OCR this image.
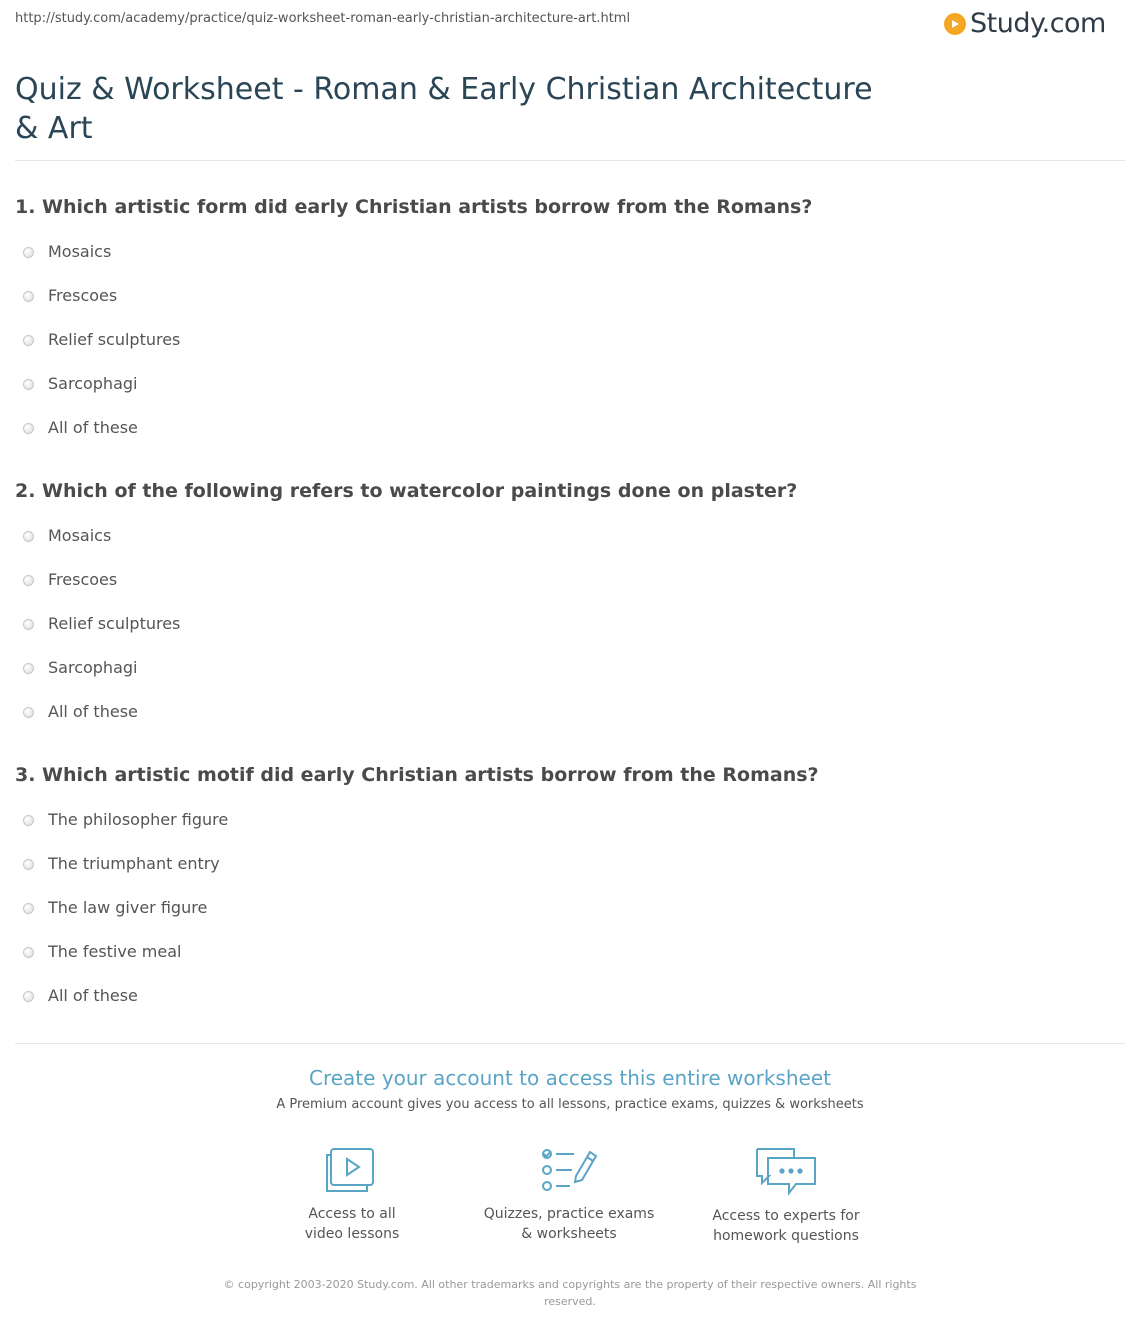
http://study.com/academy/practice/quiz-worksheet-roman-early-christian-architecture-art.html	Study.com
Quiz & Worksheet - Roman & Early Christian Architecture & Art
1. Which artistic form did early Christian artists borrow from the Romans?
Mosaics
Frescoes
Relief sculptures
Sarcophagi
All of these
2. Which of the following refers to watercolor paintings done on plaster?
Mosaics
Frescoes
Relief sculptures
Sarcophagi
All of these
3. Which artistic motif did early Christian artists borrow from the Romans?
The philosopher figure
The triumphant entry
The law giver figure
The festive meal
All of these
Create your account to access this entire worksheet
A Premium account gives you access to all lessons, practice exams, quizzes & worksheets
Access to all
video lessons
Quizzes, practice exams
& worksheets
Access to experts for
homework questions
© copyright 2003-2020 Study.com. All other trademarks and copyrights are the property of their respective owners. All rights reserved.
